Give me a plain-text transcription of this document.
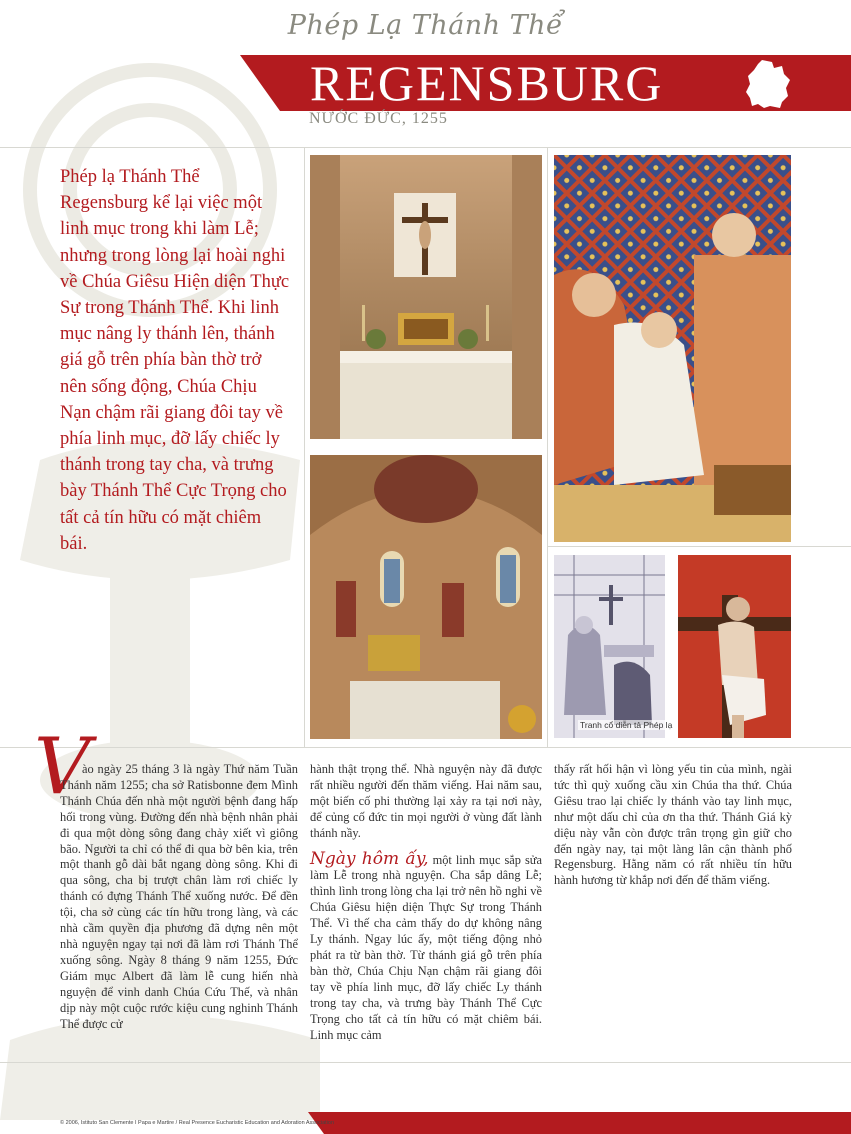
Phép Lạ Thánh Thể
REGENSBURG
NƯỚC ĐỨC, 1255
Phép lạ Thánh Thể Regensburg kể lại việc một linh mục trong khi làm Lễ; nhưng trong lòng lại hoài nghi về Chúa Giêsu Hiện diện Thực Sự trong Thánh Thể. Khi linh mục nâng ly thánh lên, thánh giá gỗ trên phía bàn thờ trở nên sống động, Chúa Chịu Nạn chậm rãi giang đôi tay về phía linh mục, đỡ lấy chiếc ly thánh trong tay cha, và trưng bày Thánh Thể Cực Trọng cho tất cả tín hữu có mặt chiêm bái.
Tranh cổ diễn tả Phép lạ
V

ào ngày 25 tháng 3 là ngày Thứ năm Tuần Thánh năm 1255; cha sở Ratisbonne đem Mình Thánh Chúa đến nhà một người bệnh đang hấp hối trong vùng. Đường đến nhà bệnh nhân phải đi qua một dòng sông đang chảy xiết vì giông bão. Người ta chỉ có thể đi qua bờ bên kia, trên một thanh gỗ dài bắt ngang dòng sông. Khi đi qua sông, cha bị trượt chân làm rơi chiếc ly thánh có đựng Thánh Thể xuống nước. Để đền tội, cha sở cùng các tín hữu trong làng, và các nhà cầm quyền địa phương đã dựng nên một nhà nguyện ngay tại nơi đã làm rơi Thánh Thể xuống sông. Ngày 8 tháng 9 năm 1255, Đức Giám mục Albert đã làm lễ cung hiến nhà nguyện để vinh danh Chúa Cứu Thế, và nhân dịp này một cuộc rước kiệu cung nghinh Thánh Thể được cử

hành thật trọng thể. Nhà nguyện này đã được rất nhiều người đến thăm viếng. Hai năm sau, một biến cố phi thường lại xảy ra tại nơi này, để củng cố đức tin mọi người ở vùng đất lành thánh nầy.

Ngày hôm ấy, một linh mục sắp sửa làm Lễ trong nhà nguyện. Cha sắp dâng Lễ; thình lình trong lòng cha lại trở nên hồ nghi về Chúa Giêsu hiện diện Thực Sự trong Thánh Thể. Vì thế cha cảm thấy do dự không nâng Ly thánh. Ngay lúc ấy, một tiếng động nhỏ phát ra từ bàn thờ. Từ thánh giá gỗ trên phía bàn thờ, Chúa Chịu Nạn chậm rãi giang đôi tay về phía linh mục, đỡ lấy chiếc Ly thánh trong tay cha, và trưng bày Thánh Thể Cực Trọng cho tất cả tín hữu có mặt chiêm bái. Linh mục cảm

thấy rất hối hận vì lòng yếu tin của mình, ngài tức thì quỳ xuống cầu xin Chúa tha thứ. Chúa Giêsu trao lại chiếc ly thánh vào tay linh mục, như một dấu chỉ của ơn tha thứ. Thánh Giá kỳ diệu này vẫn còn được trân trọng gìn giữ cho đến ngày nay, tại một làng lân cận thành phố Regensburg. Hằng năm có rất nhiều tín hữu hành hương từ khắp nơi đến để thăm viếng.

© 2006, Istituto San Clemente I Papa e Martire / Real Presence Eucharistic Education and Adoration Association
